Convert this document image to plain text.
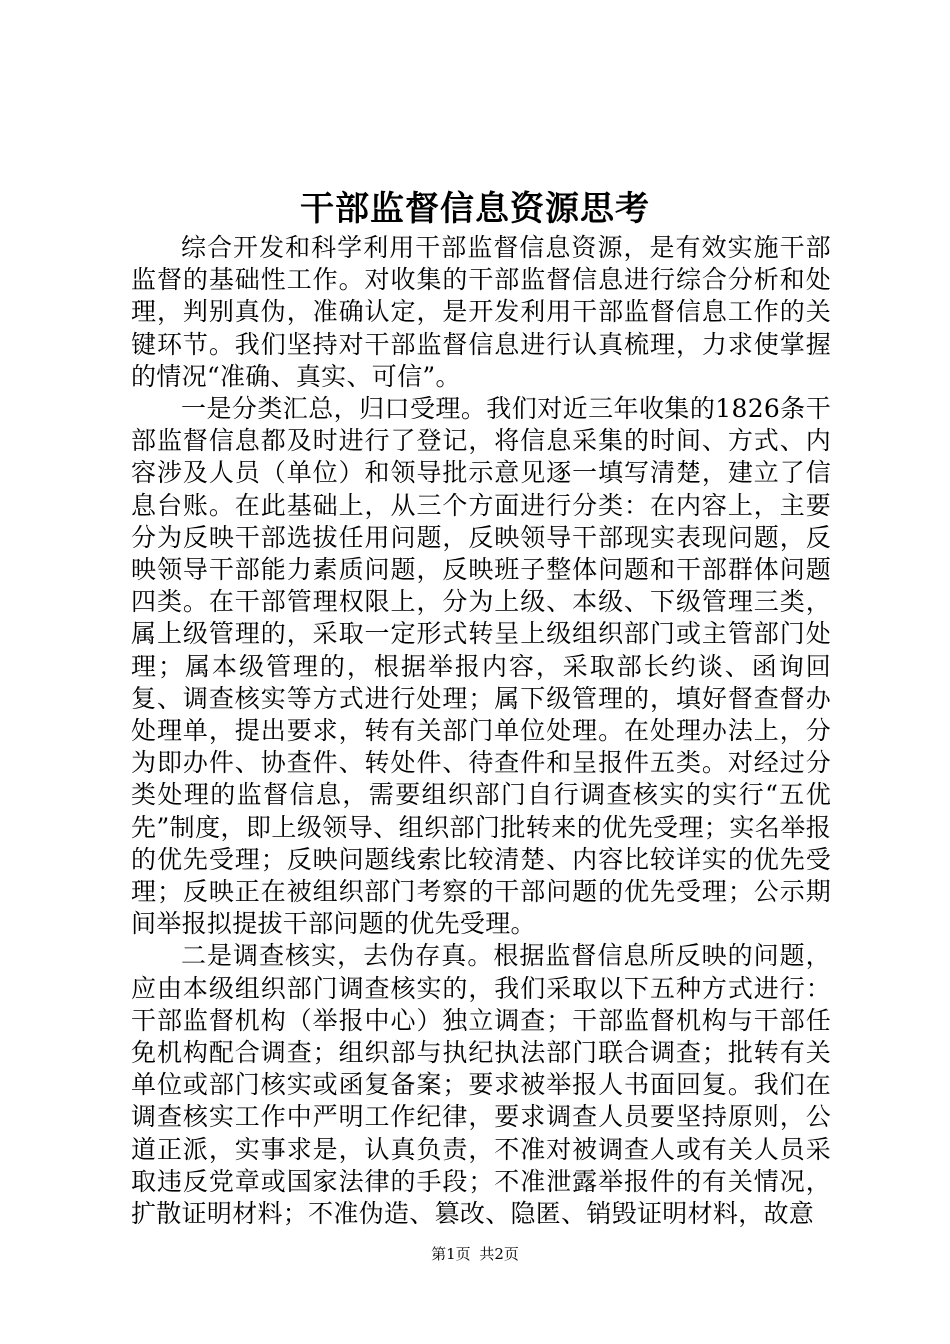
干部监督信息资源思考

综合开发和科学利用干部监督信息资源，是有效实施干部监督的基础性工作。对收集的干部监督信息进行综合分析和处理，判别真伪，准确认定，是开发利用干部监督信息工作的关键环节。我们坚持对干部监督信息进行认真梳理，力求使掌握的情况“准确、真实、可信”。

一是分类汇总，归口受理。我们对近三年收集的1826条干部监督信息都及时进行了登记，将信息采集的时间、方式、内容涉及人员（单位）和领导批示意见逐一填写清楚，建立了信息台账。在此基础上，从三个方面进行分类：在内容上，主要分为反映干部选拔任用问题，反映领导干部现实表现问题，反映领导干部能力素质问题，反映班子整体问题和干部群体问题四类。在干部管理权限上，分为上级、本级、下级管理三类，属上级管理的，采取一定形式转呈上级组织部门或主管部门处理；属本级管理的，根据举报内容，采取部长约谈、函询回复、调查核实等方式进行处理；属下级管理的，填好督查督办处理单，提出要求，转有关部门单位处理。在处理办法上，分为即办件、协查件、转处件、待查件和呈报件五类。对经过分类处理的监督信息，需要组织部门自行调查核实的实行“五优先”制度，即上级领导、组织部门批转来的优先受理；实名举报的优先受理；反映问题线索比较清楚、内容比较详实的优先受理；反映正在被组织部门考察的干部问题的优先受理；公示期间举报拟提拔干部问题的优先受理。

二是调查核实，去伪存真。根据监督信息所反映的问题，应由本级组织部门调查核实的，我们采取以下五种方式进行：干部监督机构（举报中心）独立调查；干部监督机构与干部任免机构配合调查；组织部与执纪执法部门联合调查；批转有关单位或部门核实或函复备案；要求被举报人书面回复。我们在调查核实工作中严明工作纪律，要求调查人员要坚持原则，公道正派，实事求是，认真负责，不准对被调查人或有关人员采取违反党章或国家法律的手段；不准泄露举报件的有关情况，扩散证明材料；不准伪造、篡改、隐匿、销毁证明材料，故意

第1页 共2页
